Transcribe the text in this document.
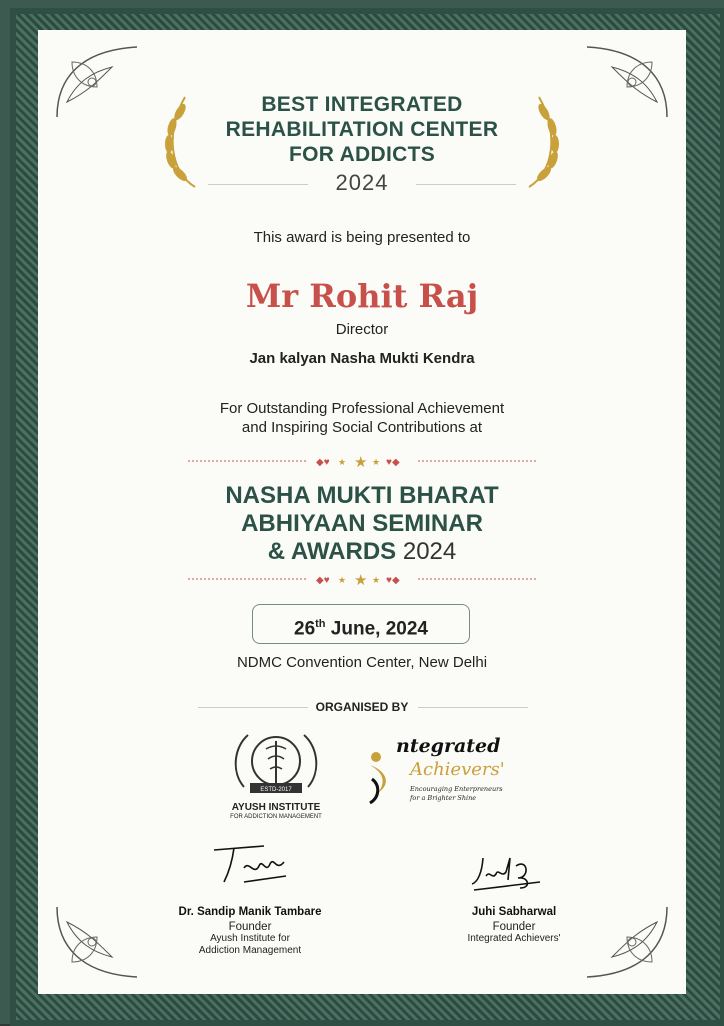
BEST INTEGRATED
REHABILITATION CENTER
FOR ADDICTS
2024
This award is being presented to
Mr Rohit Raj
Director
Jan kalyan Nasha Mukti Kendra
For Outstanding Professional Achievement
and Inspiring Social Contributions at
◆♥ ★ ★ ★ ♥◆
NASHA MUKTI BHARAT
ABHIYAAN SEMINAR
& AWARDS 2024
◆♥ ★ ★ ★ ♥◆
26th June, 2024
NDMC Convention Center, New Delhi
ORGANISED BY
ESTD-2017
AYUSH INSTITUTE
FOR ADDICTION MANAGEMENT
ntegrated
Achievers'
Encouraging Enterpreneurs
for a Brighter Shine
Dr. Sandip Manik Tambare
Founder
Ayush Institute for
Addiction Management
Juhi Sabharwal
Founder
Integrated Achievers'
